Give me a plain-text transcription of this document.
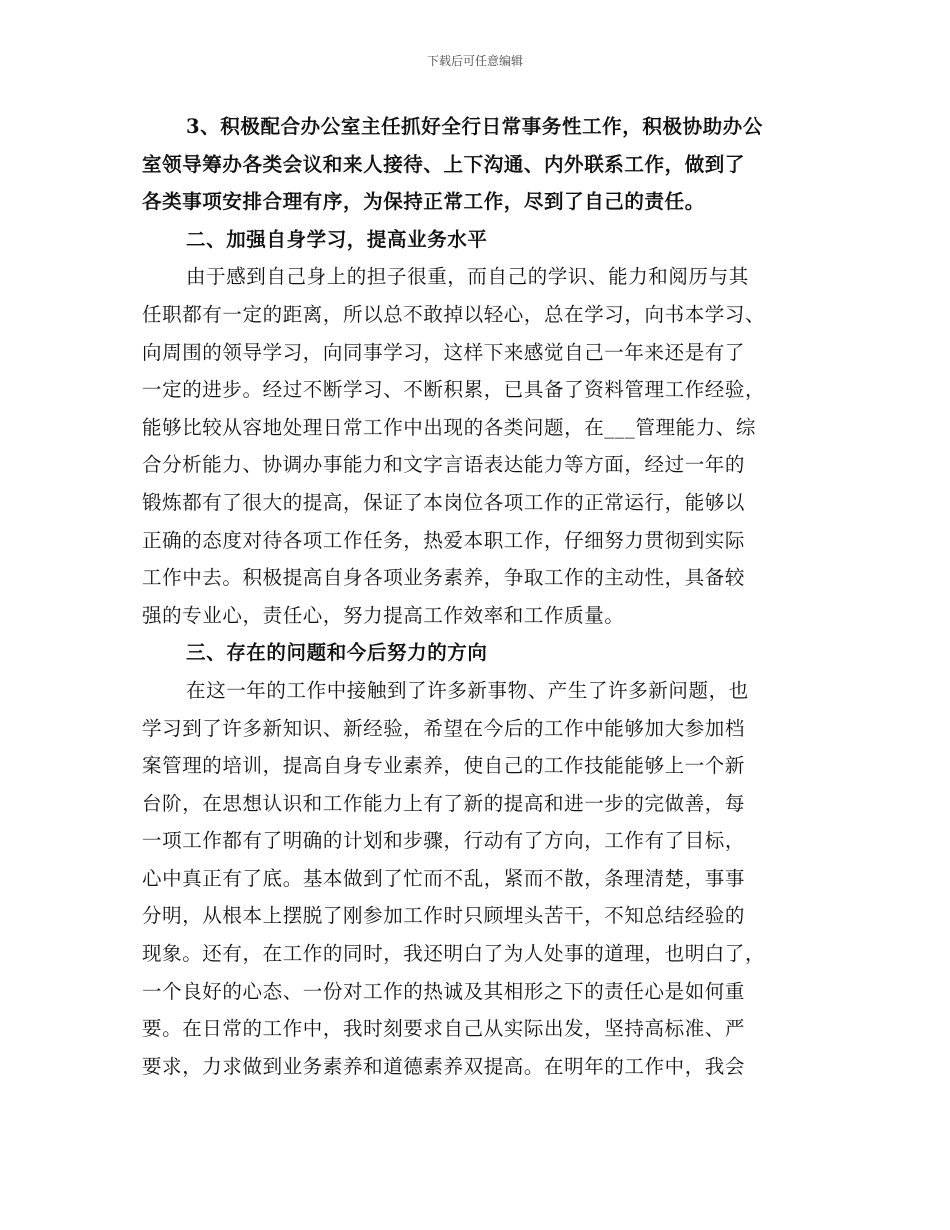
下载后可任意编辑
3、积极配合办公室主任抓好全行日常事务性工作，积极协助办公
室领导筹办各类会议和来人接待、上下沟通、内外联系工作，做到了
各类事项安排合理有序，为保持正常工作，尽到了自己的责任。
二、加强自身学习，提高业务水平
由于感到自己身上的担子很重，而自己的学识、能力和阅历与其
任职都有一定的距离，所以总不敢掉以轻心，总在学习，向书本学习、
向周围的领导学习，向同事学习，这样下来感觉自己一年来还是有了
一定的进步。经过不断学习、不断积累，已具备了资料管理工作经验，
能够比较从容地处理日常工作中出现的各类问题，在___管理能力、综
合分析能力、协调办事能力和文字言语表达能力等方面，经过一年的
锻炼都有了很大的提高，保证了本岗位各项工作的正常运行，能够以
正确的态度对待各项工作任务，热爱本职工作，仔细努力贯彻到实际
工作中去。积极提高自身各项业务素养，争取工作的主动性，具备较
强的专业心，责任心，努力提高工作效率和工作质量。
三、存在的问题和今后努力的方向
在这一年的工作中接触到了许多新事物、产生了许多新问题，也
学习到了许多新知识、新经验，希望在今后的工作中能够加大参加档
案管理的培训，提高自身专业素养，使自己的工作技能能够上一个新
台阶，在思想认识和工作能力上有了新的提高和进一步的完做善，每
一项工作都有了明确的计划和步骤，行动有了方向，工作有了目标，
心中真正有了底。基本做到了忙而不乱，紧而不散，条理清楚，事事
分明，从根本上摆脱了刚参加工作时只顾埋头苦干，不知总结经验的
现象。还有，在工作的同时，我还明白了为人处事的道理，也明白了，
一个良好的心态、一份对工作的热诚及其相形之下的责任心是如何重
要。在日常的工作中，我时刻要求自己从实际出发，坚持高标准、严
要求，力求做到业务素养和道德素养双提高。在明年的工作中，我会
